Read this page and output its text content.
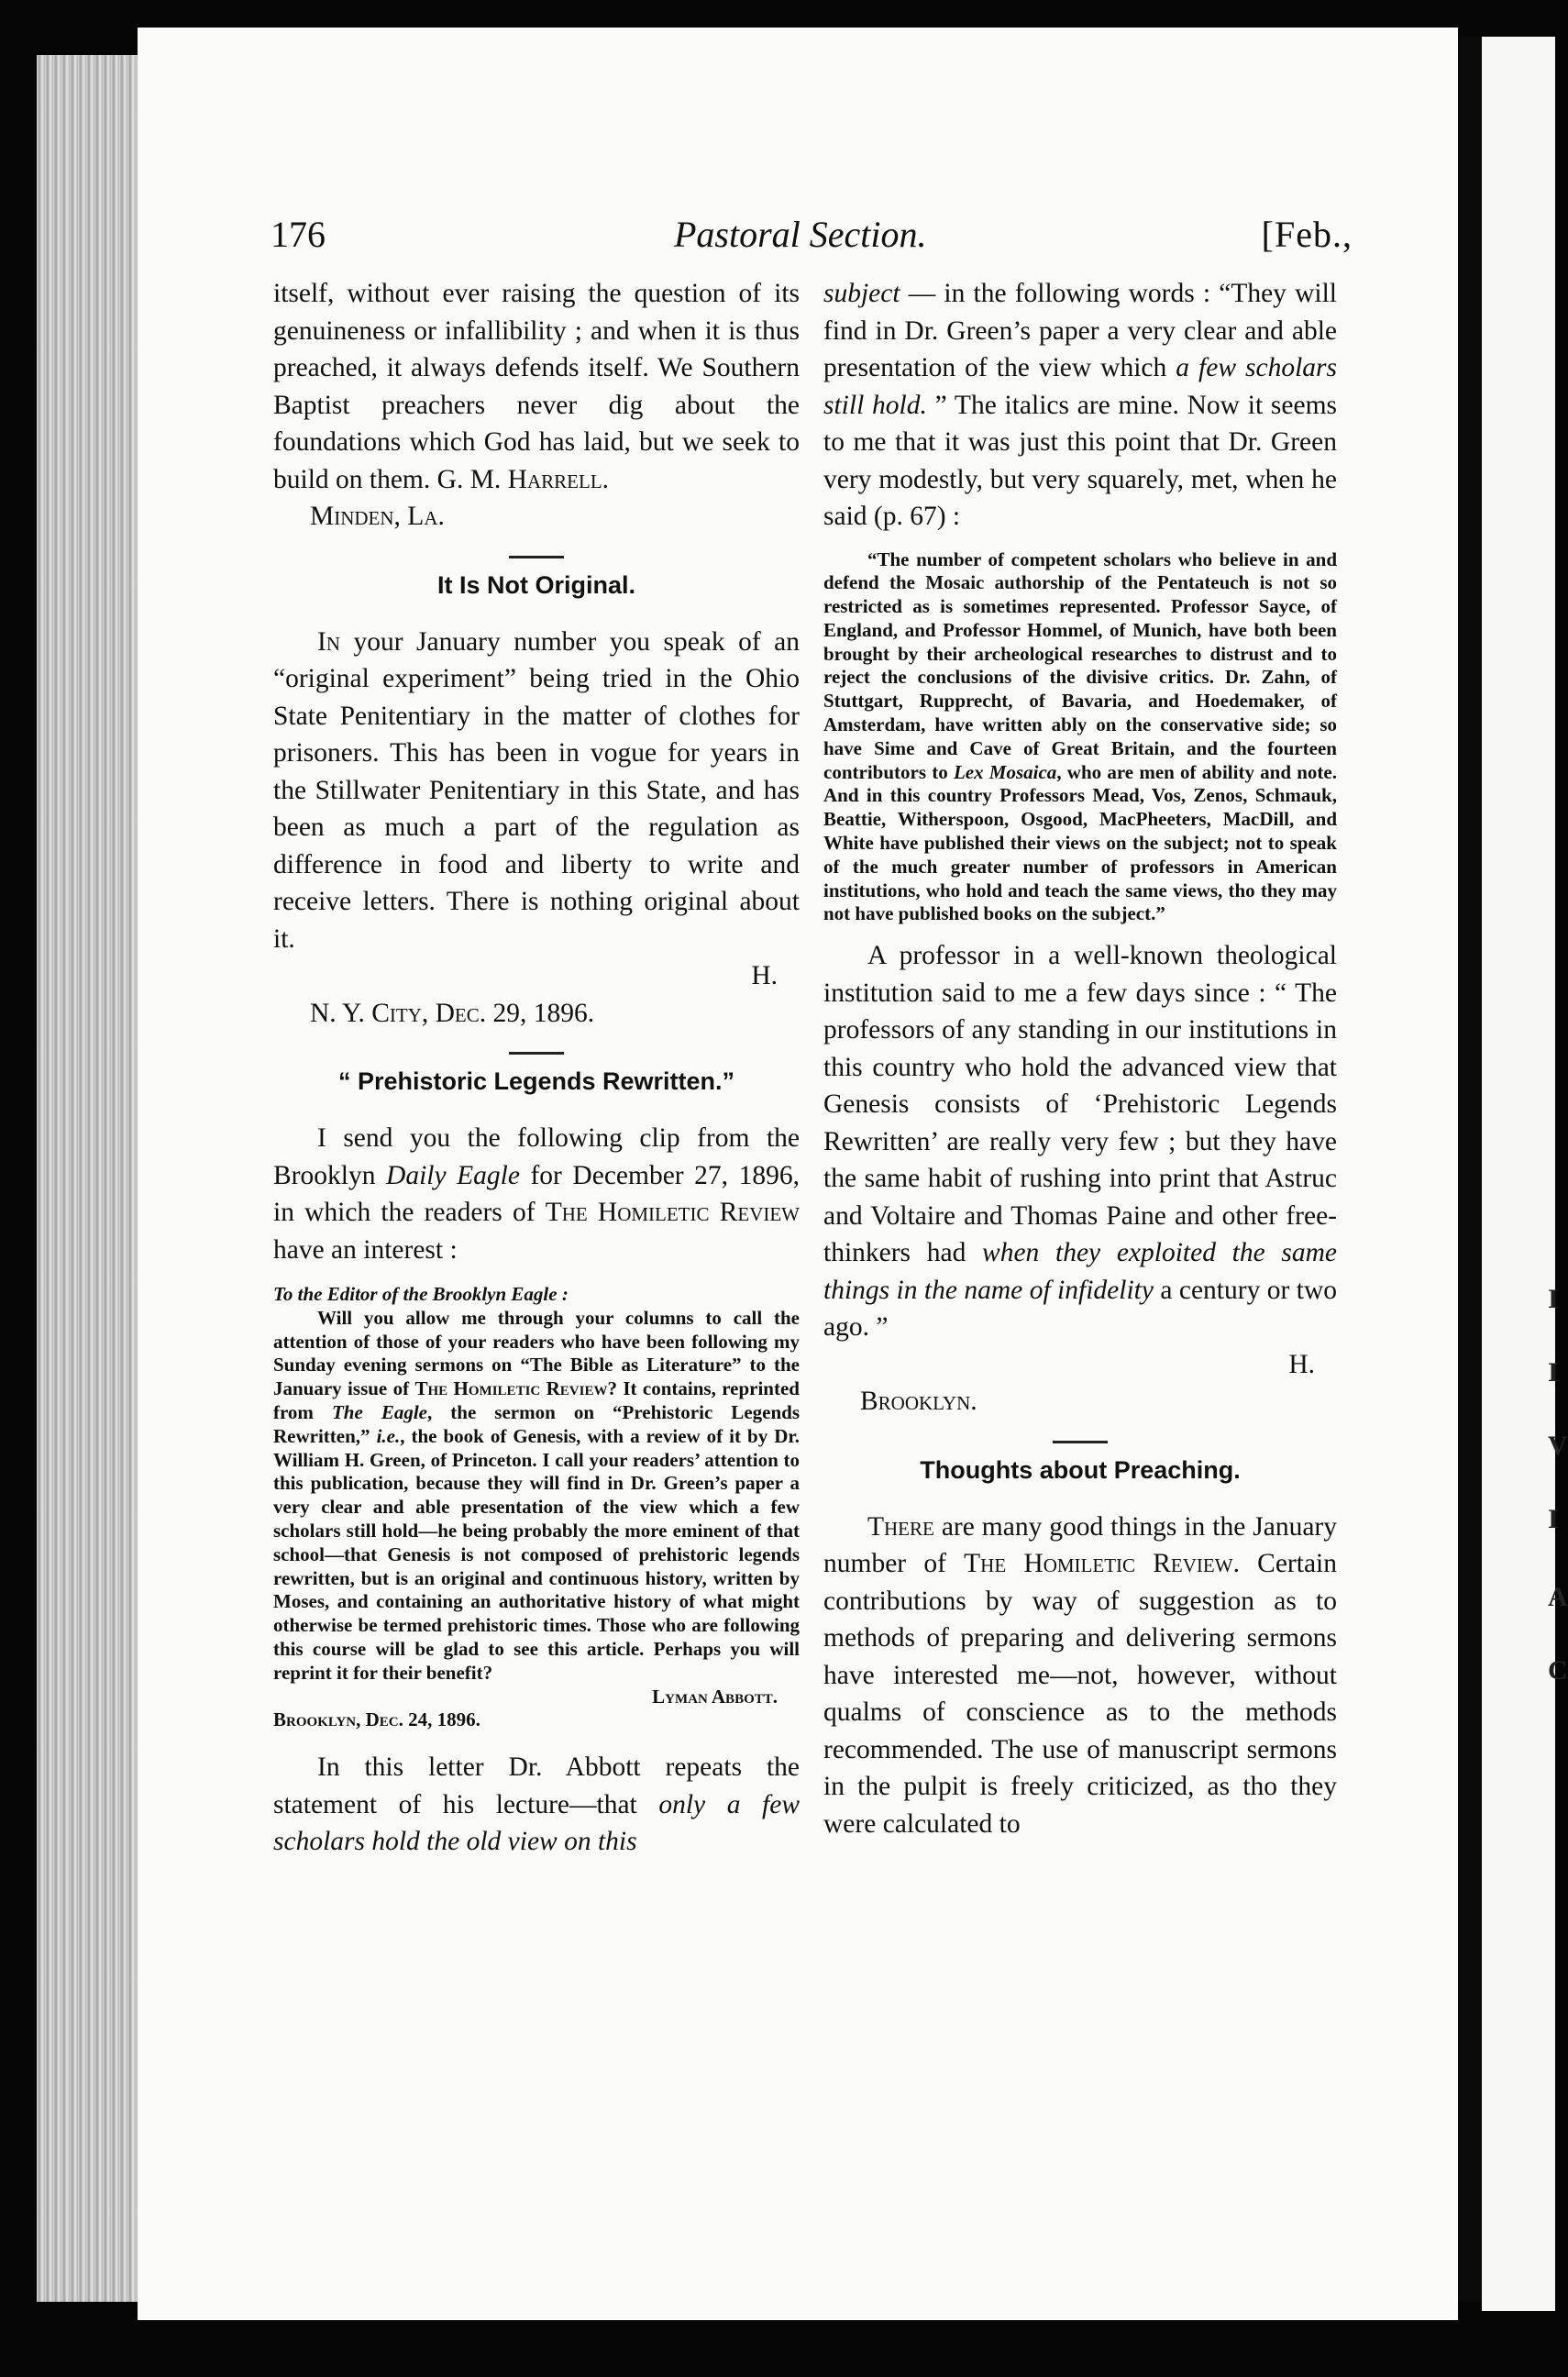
I
I
V
I
A
C
176	Pastoral Section.	[Feb.,

itself, without ever raising the question of its genuineness or infallibility ; and when it is thus preached, it always defends itself. We Southern Baptist preachers never dig about the foundations which God has laid, but we seek to build on them. G. M. Harrell.

Minden, La.

It Is Not Original.

In your January number you speak of an “original experiment” being tried in the Ohio State Penitentiary in the matter of clothes for prisoners. This has been in vogue for years in the Stillwater Penitentiary in this State, and has been as much a part of the regulation as difference in food and liberty to write and receive letters. There is nothing original about it.

H.

N. Y. City, Dec. 29, 1896.

“ Prehistoric Legends Rewritten.”

I send you the following clip from the Brooklyn Daily Eagle for December 27, 1896, in which the readers of The Homiletic Review have an interest :

To the Editor of the Brooklyn Eagle :

Will you allow me through your columns to call the attention of those of your readers who have been following my Sunday evening sermons on “The Bible as Literature” to the January issue of The Homiletic Review? It contains, reprinted from The Eagle, the sermon on “Prehistoric Legends Rewritten,” i.e., the book of Genesis, with a review of it by Dr. William H. Green, of Princeton. I call your readers’ attention to this publication, because they will find in Dr. Green’s paper a very clear and able presentation of the view which a few scholars still hold—he being probably the more eminent of that school—that Genesis is not composed of prehistoric legends rewritten, but is an original and continuous history, written by Moses, and containing an authoritative history of what might otherwise be termed prehistoric times. Those who are following this course will be glad to see this article. Perhaps you will reprint it for their benefit?

Lyman Abbott.

Brooklyn, Dec. 24, 1896.

In this letter Dr. Abbott repeats the statement of his lecture—that only a few scholars hold the old view on this

subject — in the following words : “They will find in Dr. Green’s paper a very clear and able presentation of the view which a few scholars still hold. ” The italics are mine. Now it seems to me that it was just this point that Dr. Green very modestly, but very squarely, met, when he said (p. 67) :

“The number of competent scholars who believe in and defend the Mosaic authorship of the Pentateuch is not so restricted as is sometimes represented. Professor Sayce, of England, and Professor Hommel, of Munich, have both been brought by their archeological researches to distrust and to reject the conclusions of the divisive critics. Dr. Zahn, of Stuttgart, Rupprecht, of Bavaria, and Hoedemaker, of Amsterdam, have written ably on the conservative side; so have Sime and Cave of Great Britain, and the fourteen contributors to Lex Mosaica, who are men of ability and note. And in this country Professors Mead, Vos, Zenos, Schmauk, Beattie, Witherspoon, Osgood, MacPheeters, MacDill, and White have published their views on the subject; not to speak of the much greater number of professors in American institutions, who hold and teach the same views, tho they may not have published books on the subject.”

A professor in a well-known theological institution said to me a few days since : “ The professors of any standing in our institutions in this country who hold the advanced view that Genesis consists of ‘Prehistoric Legends Rewritten’ are really very few ; but they have the same habit of rushing into print that Astruc and Voltaire and Thomas Paine and other free-thinkers had when they exploited the same things in the name of infidelity a century or two ago. ”

H.

Brooklyn.

Thoughts about Preaching.

There are many good things in the January number of The Homiletic Review. Certain contributions by way of suggestion as to methods of preparing and delivering sermons have interested me—not, however, without qualms of conscience as to the methods recommended. The use of manuscript sermons in the pulpit is freely criticized, as tho they were calculated to
